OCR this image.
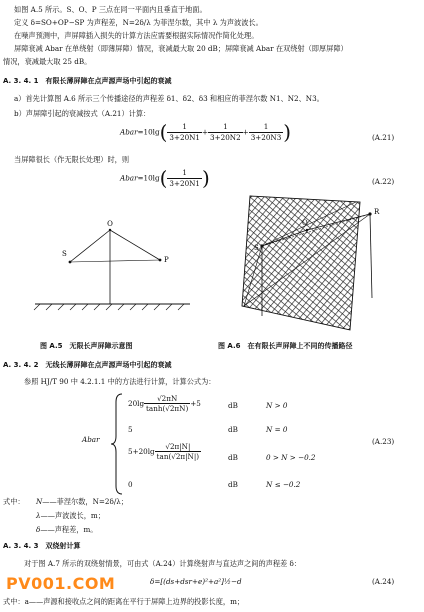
如图 A.5 所示。S、O、P 三点在同一平面内且垂直于地面。
定义 δ=SO+OP−SP 为声程差，N=2δ/λ 为菲涅尔数，其中 λ 为声波波长。
在噪声预测中，声屏障插入损失的计算方法应需要根据实际情况作简化处理。
屏障衰减 Abar 在单绕射（即薄屏障）情况，衰减最大取 20 dB；屏障衰减 Abar 在双绕射（即厚屏障）
情况，衰减最大取 25 dB。
A. 3. 4. 1　有限长薄屏障在点声源声场中引起的衰减
a）首先计算图 A.6 所示三个传播途径的声程差 δ1、δ2、δ3 和相应的菲涅尔数 N1、N2、N3。
b）声屏障引起的衰减按式（A.21）计算：
Abar=10lg( $\frac{1}{3+20N1} + \frac{1}{3+20N2} + \frac{1}{3+20N3}$ )	(A.21)
当屏障很长（作无限长处理）时，则
Abar=10lg( $\frac{1}{3+20N1}$ )	(A.22)
O
S
P
S
O
R
图 A.5　无限长声屏障示意图	图 A.6　在有限长声屏障上不同的传播路径
A. 3. 4. 2　无线长薄屏障在点声源声场中引起的衰减
参照 HJ/T 90 中 4.2.1.1 中的方法进行计算，计算公式为：
Abar
$20\lg \frac{√2\pi N}{\tanh(√2\pi N)} +5$	dB	N > 0
5	dB	N = 0
$5+20\lg \frac{√2\pi|N|}{\tan(√2\pi|N|)}$	dB	0 > N > −0.2
0	dB	N ≤ −0.2
(A.23)
式中： N——菲涅尔数，N=2δ/λ；
λ——声波波长，m；
δ——声程差，m。
A. 3. 4. 3　双绕射计算
对于图 A.7 所示的双绕射情景，可由式（A.24）计算绕射声与直达声之间的声程差 δ：
δ=[(ds+dsr+e)²+a²]½−d	(A.24)
式中：a——声源和接收点之间的距离在平行于屏障上边界的投影长度，m；
PV001.COM
